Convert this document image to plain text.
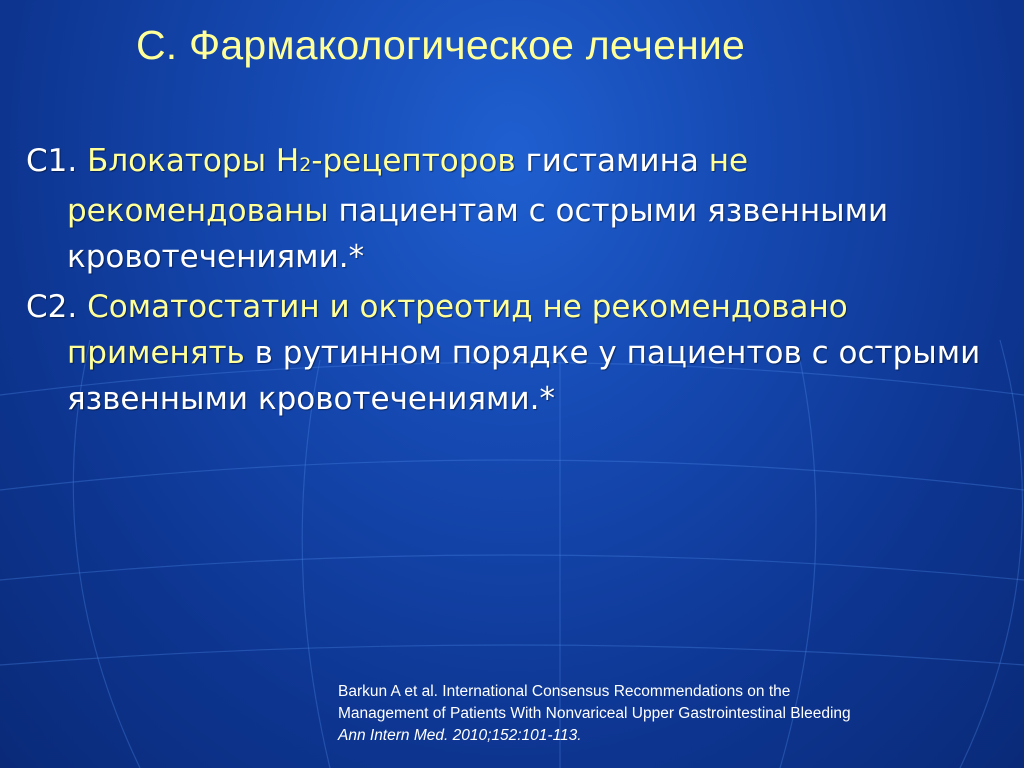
С. Фармакологическое лечение
С1. Блокаторы Н2-рецепторов гистамина не рекомендованы пациентам с острыми язвенными кровотечениями.*
С2. Соматостатин и октреотид не рекомендовано применять в рутинном порядке у пациентов с острыми язвенными кровотечениями.*
Barkun A et al. International Consensus Recommendations on the
Management of Patients With Nonvariceal Upper Gastrointestinal Bleeding
Ann Intern Med. 2010;152:101-113.
